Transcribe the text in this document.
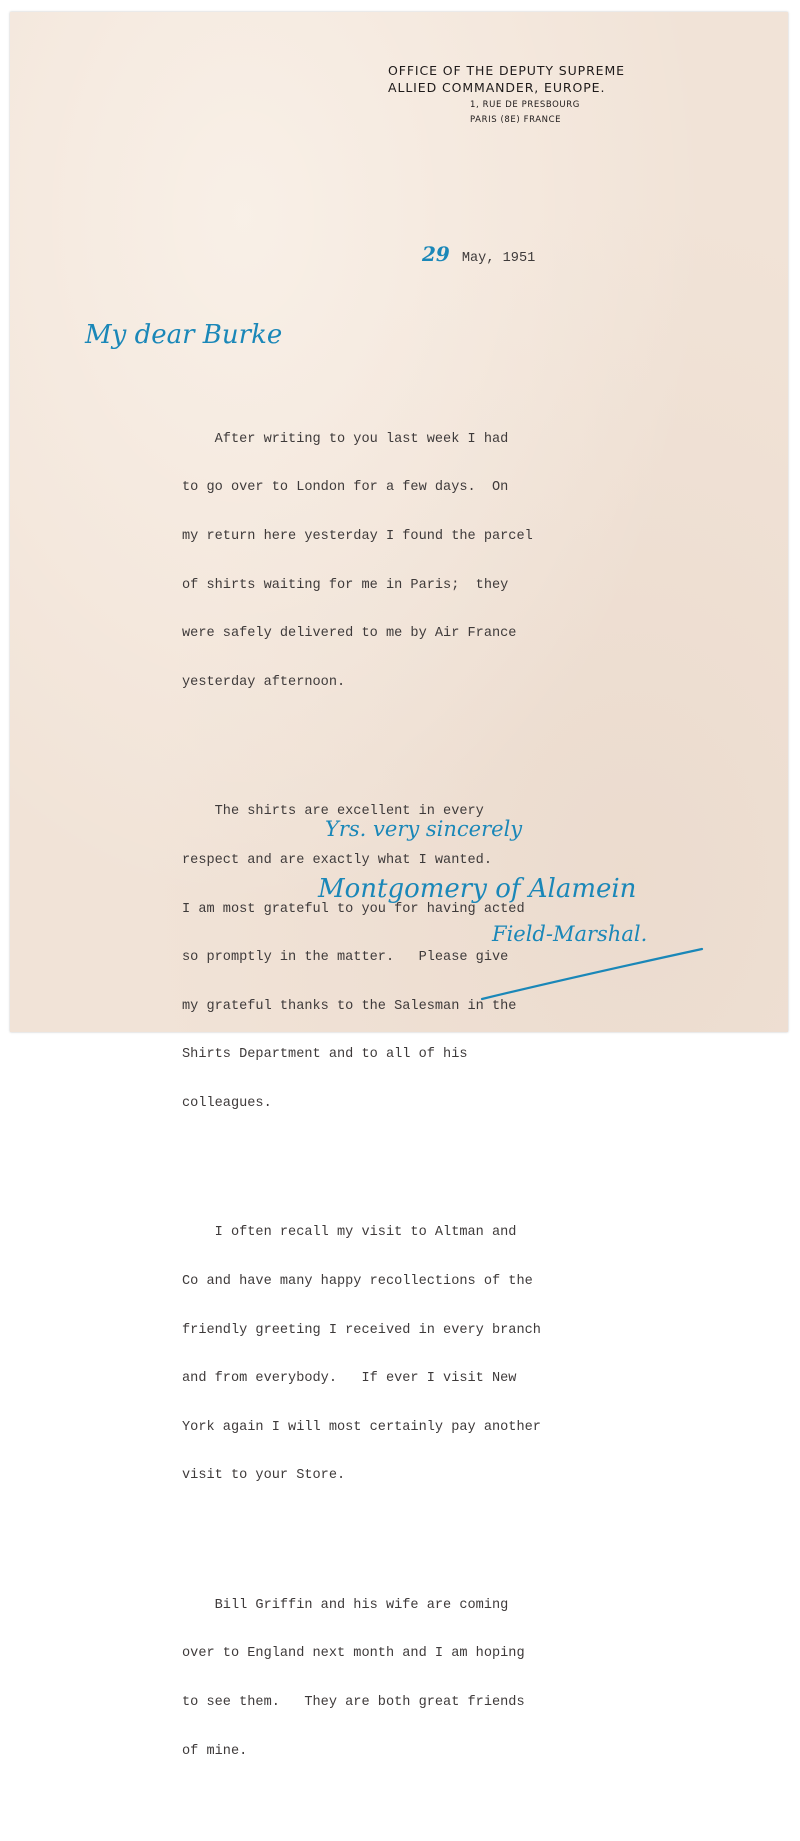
OFFICE OF THE DEPUTY SUPREME
ALLIED COMMANDER, EUROPE.
1, RUE DE PRESBOURG
PARIS (8E) FRANCE
29 May, 1951
My dear Burke

After writing to you last week I had

to go over to London for a few days.  On

my return here yesterday I found the parcel

of shirts waiting for me in Paris;  they

were safely delivered to me by Air France

yesterday afternoon.

The shirts are excellent in every

respect and are exactly what I wanted.

I am most grateful to you for having acted

so promptly in the matter.   Please give

my grateful thanks to the Salesman in the

Shirts Department and to all of his

colleagues.

I often recall my visit to Altman and

Co and have many happy recollections of the

friendly greeting I received in every branch

and from everybody.   If ever I visit New

York again I will most certainly pay another

visit to your Store.

Bill Griffin and his wife are coming

over to England next month and I am hoping

to see them.   They are both great friends

of mine.

Yrs. very sincerely
Montgomery of Alamein
Field-Marshal.
